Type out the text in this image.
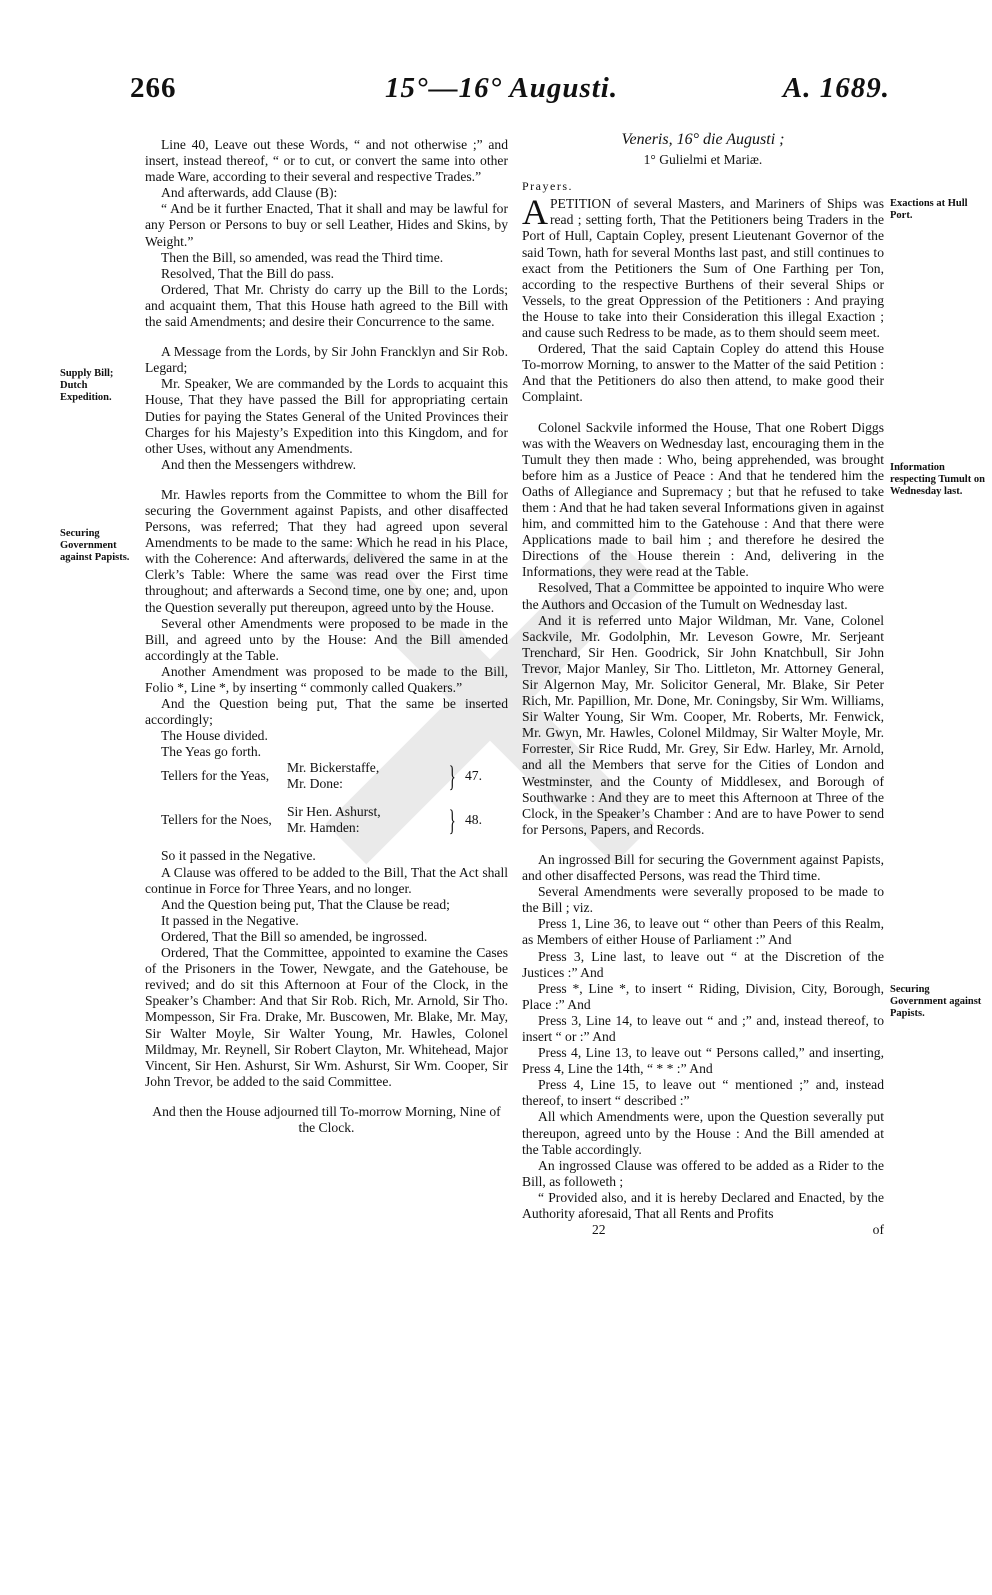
266	15°—16° Augusti.	A. 1689.
Supply Bill; Dutch Expedition.
Securing Government against Papists.
Exactions at Hull Port.
Information respecting Tumult on Wednesday last.
Securing Government against Papists.

Line 40, Leave out these Words, “ and not otherwise ;” and insert, instead thereof, “ or to cut, or convert the same into other made Ware, according to their several and respective Trades.”

And afterwards, add Clause (B):

“ And be it further Enacted, That it shall and may be lawful for any Person or Persons to buy or sell Leather, Hides and Skins, by Weight.”

Then the Bill, so amended, was read the Third time.

Resolved, That the Bill do pass.

Ordered, That Mr. Christy do carry up the Bill to the Lords; and acquaint them, That this House hath agreed to the Bill with the said Amendments; and desire their Concurrence to the same.

A Message from the Lords, by Sir John Francklyn and Sir Rob. Legard;

Mr. Speaker, We are commanded by the Lords to acquaint this House, That they have passed the Bill for appropriating certain Duties for paying the States General of the United Provinces their Charges for his Majesty’s Expedition into this Kingdom, and for other Uses, without any Amendments.

And then the Messengers withdrew.

Mr. Hawles reports from the Committee to whom the Bill for securing the Government against Papists, and other disaffected Persons, was referred; That they had agreed upon several Amendments to be made to the same: Which he read in his Place, with the Coherence: And afterwards, delivered the same in at the Clerk’s Table: Where the same was read over the First time throughout; and afterwards a Second time, one by one; and, upon the Question severally put thereupon, agreed unto by the House.

Several other Amendments were proposed to be made in the Bill, and agreed unto by the House: And the Bill amended accordingly at the Table.

Another Amendment was proposed to be made to the Bill, Folio *, Line *, by inserting “ commonly called Quakers.”

And the Question being put, That the same be inserted accordingly;

The House divided.

The Yeas go forth.

Tellers for the Yeas,
Mr. Bickerstaffe,
Mr. Done:	} 47.
Tellers for the Noes,
Sir Hen. Ashurst,
Mr. Hamden:	} 48.

So it passed in the Negative.

A Clause was offered to be added to the Bill, That the Act shall continue in Force for Three Years, and no longer.

And the Question being put, That the Clause be read;

It passed in the Negative.

Ordered, That the Bill so amended, be ingrossed.

Ordered, That the Committee, appointed to examine the Cases of the Prisoners in the Tower, Newgate, and the Gatehouse, be revived; and do sit this Afternoon at Four of the Clock, in the Speaker’s Chamber: And that Sir Rob. Rich, Mr. Arnold, Sir Tho. Mompesson, Sir Fra. Drake, Mr. Buscowen, Mr. Blake, Mr. May, Sir Walter Moyle, Sir Walter Young, Mr. Hawles, Colonel Mildmay, Mr. Reynell, Sir Robert Clayton, Mr. Whitehead, Major Vincent, Sir Hen. Ashurst, Sir Wm. Ashurst, Sir Wm. Cooper, Sir John Trevor, be added to the said Committee.

And then the House adjourned till To-morrow Morning, Nine of the Clock.

Veneris, 16° die Augusti ;
1° Gulielmi et Mariæ.
Prayers.

APETITION of several Masters, and Mariners of Ships was read ; setting forth, That the Petitioners being Traders in the Port of Hull, Captain Copley, present Lieutenant Governor of the said Town, hath for several Months last past, and still continues to exact from the Petitioners the Sum of One Farthing per Ton, according to the respective Burthens of their several Ships or Vessels, to the great Oppression of the Petitioners : And praying the House to take into their Consideration this illegal Exaction ; and cause such Redress to be made, as to them should seem meet.

Ordered, That the said Captain Copley do attend this House To-morrow Morning, to answer to the Matter of the said Petition : And that the Petitioners do also then attend, to make good their Complaint.

Colonel Sackvile informed the House, That one Robert Diggs was with the Weavers on Wednesday last, encouraging them in the Tumult they then made : Who, being apprehended, was brought before him as a Justice of Peace : And that he tendered him the Oaths of Allegiance and Supremacy ; but that he refused to take them : And that he had taken several Informations given in against him, and committed him to the Gatehouse : And that there were Applications made to bail him ; and therefore he desired the Directions of the House therein : And, delivering in the Informations, they were read at the Table.

Resolved, That a Committee be appointed to inquire Who were the Authors and Occasion of the Tumult on Wednesday last.

And it is referred unto Major Wildman, Mr. Vane, Colonel Sackvile, Mr. Godolphin, Mr. Leveson Gowre, Mr. Serjeant Trenchard, Sir Hen. Goodrick, Sir John Knatchbull, Sir John Trevor, Major Manley, Sir Tho. Littleton, Mr. Attorney General, Sir Algernon May, Mr. Solicitor General, Mr. Blake, Sir Peter Rich, Mr. Papillion, Mr. Done, Mr. Coningsby, Sir Wm. Williams, Sir Walter Young, Sir Wm. Cooper, Mr. Roberts, Mr. Fenwick, Mr. Gwyn, Mr. Hawles, Colonel Mildmay, Sir Walter Moyle, Mr. Forrester, Sir Rice Rudd, Mr. Grey, Sir Edw. Harley, Mr. Arnold, and all the Members that serve for the Cities of London and Westminster, and the County of Middlesex, and Borough of Southwarke : And they are to meet this Afternoon at Three of the Clock, in the Speaker’s Chamber : And are to have Power to send for Persons, Papers, and Records.

An ingrossed Bill for securing the Government against Papists, and other disaffected Persons, was read the Third time.

Several Amendments were severally proposed to be made to the Bill ; viz.

Press 1, Line 36, to leave out “ other than Peers of this Realm, as Members of either House of Parliament :” And

Press 3, Line last, to leave out “ at the Discretion of the Justices :” And

Press *, Line *, to insert “ Riding, Division, City, Borough, Place :” And

Press 3, Line 14, to leave out “ and ;” and, instead thereof, to insert “ or :” And

Press 4, Line 13, to leave out “ Persons called,” and inserting, Press 4, Line the 14th, “ * * :” And

Press 4, Line 15, to leave out “ mentioned ;” and, instead thereof, to insert “ described :”

All which Amendments were, upon the Question severally put thereupon, agreed unto by the House : And the Bill amended at the Table accordingly.

An ingrossed Clause was offered to be added as a Rider to the Bill, as followeth ;

“ Provided also, and it is hereby Declared and Enacted, by the Authority aforesaid, That all Rents and Profits

22	of
